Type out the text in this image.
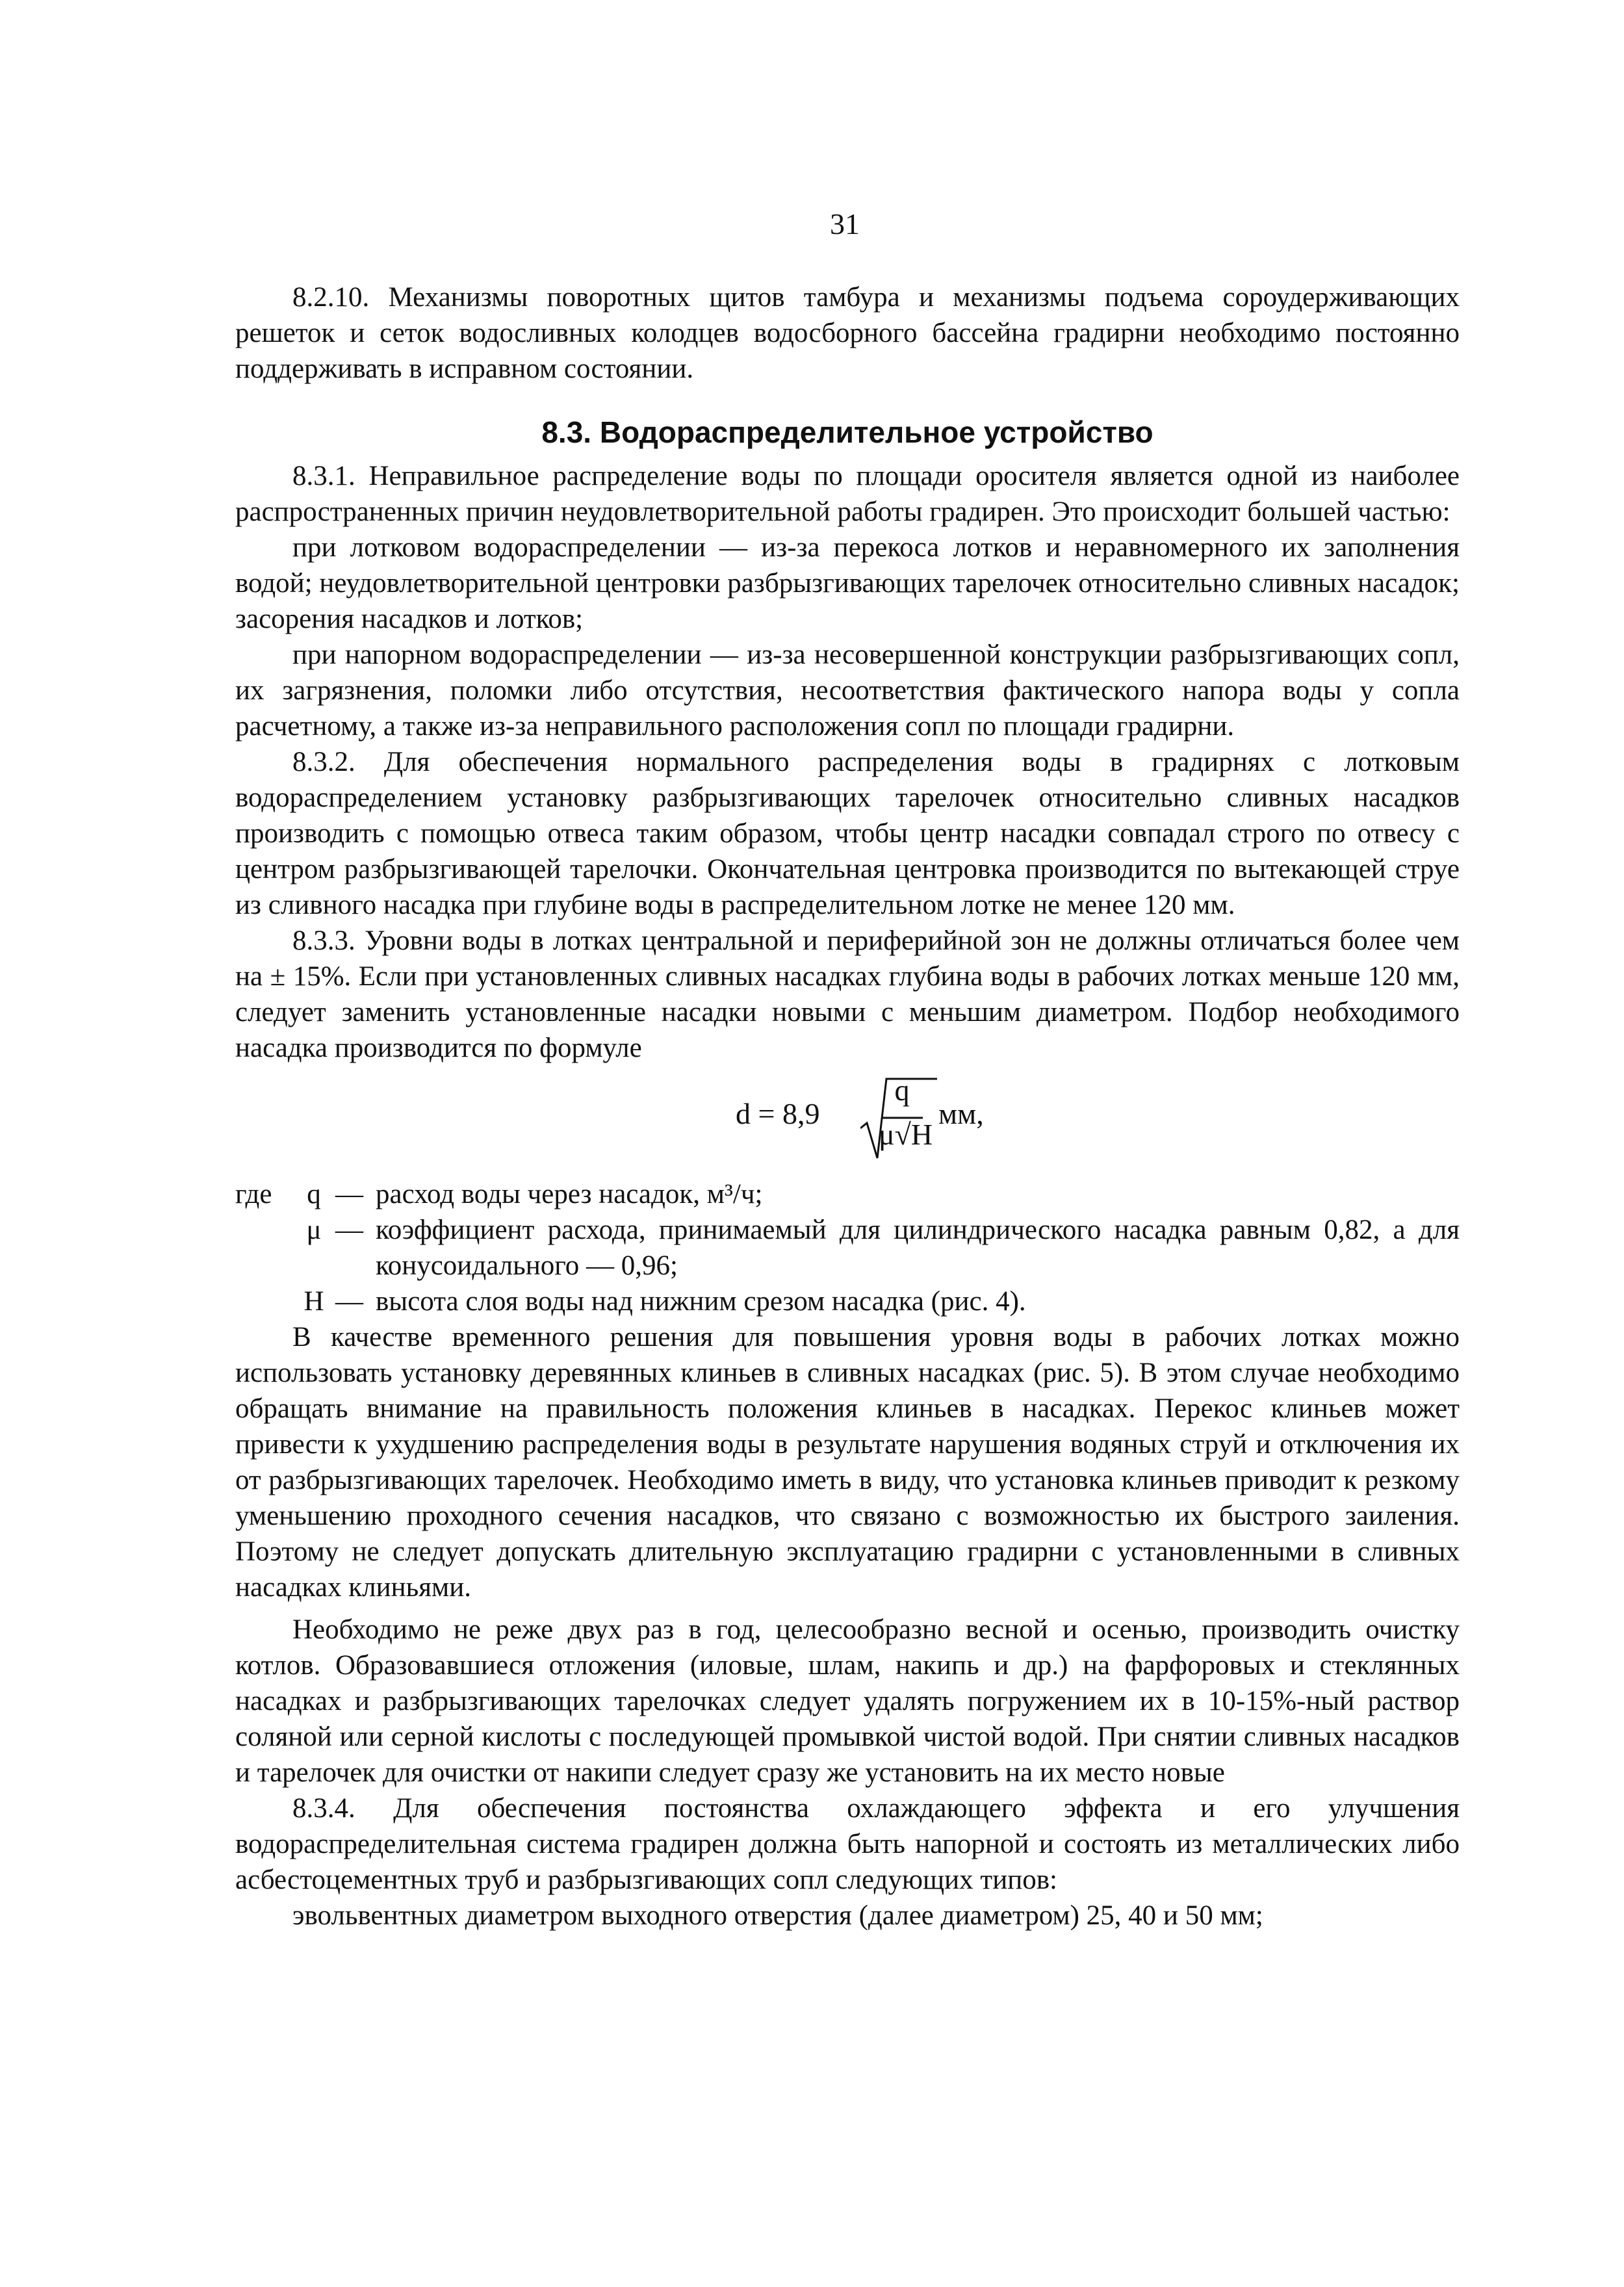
31

8.2.10. Механизмы поворотных щитов тамбура и механизмы подъема сороудерживающих решеток и сеток водосливных колодцев водосборного бассейна градирни необходимо постоянно поддерживать в исправном состоянии.

8.3. Водораспределительное устройство

8.3.1. Неправильное распределение воды по площади оросителя является одной из наиболее распространенных причин неудовлетворительной работы градирен. Это происходит большей частью:

при лотковом водораспределении — из-за перекоса лотков и неравномерного их заполнения водой; неудовлетворительной центровки разбрызгивающих тарелочек относительно сливных насадок; засорения насадков и лотков;

при напорном водораспределении — из-за несовершенной конструкции разбрызгивающих сопл, их загрязнения, поломки либо отсутствия, несоответствия фактического напора воды у сопла расчетному, а также из-за неправильного расположения сопл по площади градирни.

8.3.2. Для обеспечения нормального распределения воды в градирнях с лотковым водораспределением установку разбрызгивающих тарелочек относительно сливных насадков производить с помощью отвеса таким образом, чтобы центр насадки совпадал строго по отвесу с центром разбрызгивающей тарелочки. Окончательная центровка производится по вытекающей струе из сливного насадка при глубине воды в распределительном лотке не менее 120 мм.

8.3.3. Уровни воды в лотках центральной и периферийной зон не должны отличаться более чем на ± 15%. Если при установленных сливных насадках глубина воды в рабочих лотках меньше 120 мм, следует заменить установленные насадки новыми с меньшим диаметром. Подбор необходимого насадка производится по формуле

d = 8,9
q
μ√H
мм,
где	q — расход воды через насадок, м³/ч;
μ — коэффициент расхода, принимаемый для цилиндрического насадка равным 0,82, а для конусоидального — 0,96;
H — высота слоя воды над нижним срезом насадка (рис. 4).

В качестве временного решения для повышения уровня воды в рабочих лотках можно использовать установку деревянных клиньев в сливных насадках (рис. 5). В этом случае необходимо обращать внимание на правильность положения клиньев в насадках. Перекос клиньев может привести к ухудшению распределения воды в результате нарушения водяных струй и отключения их от разбрызгивающих тарелочек. Необходимо иметь в виду, что установка клиньев приводит к резкому уменьшению проходного сечения насадков, что связано с возможностью их быстрого заиления. Поэтому не следует допускать длительную эксплуатацию градирни с установленными в сливных насадках клиньями.

Необходимо не реже двух раз в год, целесообразно весной и осенью, производить очистку котлов. Образовавшиеся отложения (иловые, шлам, накипь и др.) на фарфоровых и стеклянных насадках и разбрызгивающих тарелочках следует удалять погружением их в 10-15%-ный раствор соляной или серной кислоты с последующей промывкой чистой водой. При снятии сливных насадков и тарелочек для очистки от накипи следует сразу же установить на их место новые

8.3.4. Для обеспечения постоянства охлаждающего эффекта и его улучшения водораспределительная система градирен должна быть напорной и состоять из металлических либо асбестоцементных труб и разбрызгивающих сопл следующих типов:

эвольвентных диаметром выходного отверстия (далее диаметром) 25, 40 и 50 мм;
